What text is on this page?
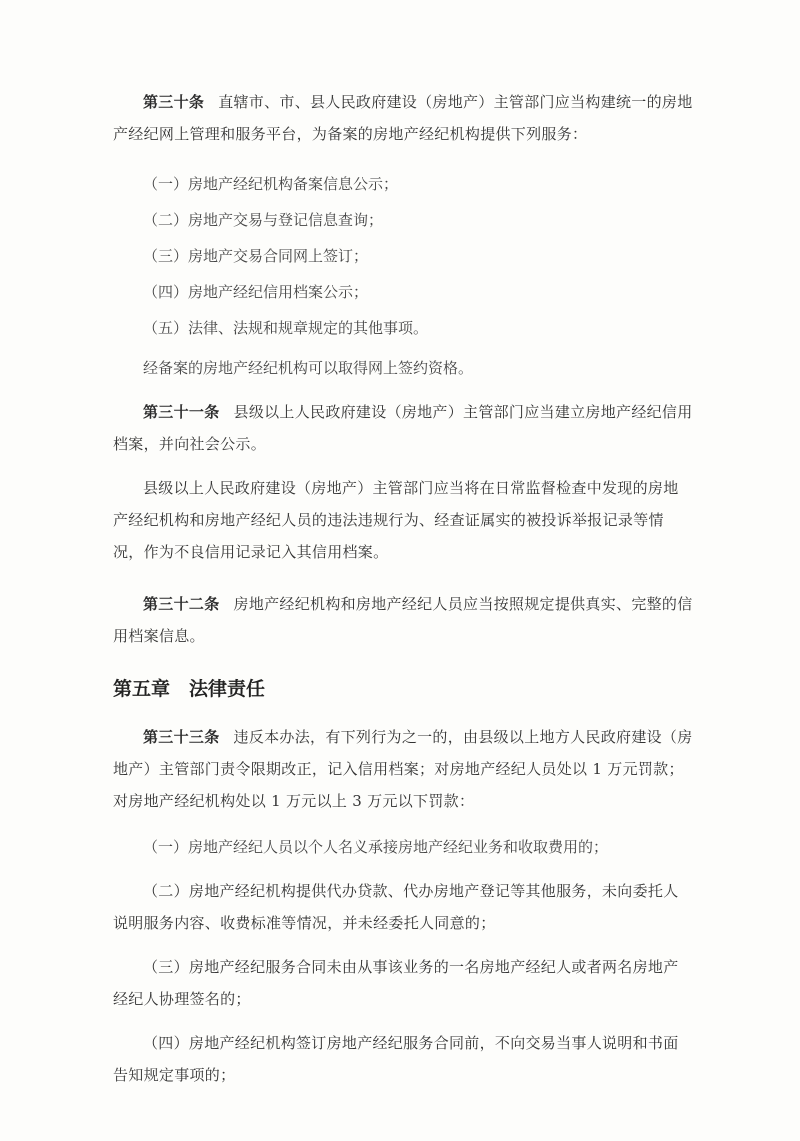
第三十条 直辖市、市、县人民政府建设（房地产）主管部门应当构建统一的房地产经纪网上管理和服务平台，为备案的房地产经纪机构提供下列服务：

（一）房地产经纪机构备案信息公示；

（二）房地产交易与登记信息查询；

（三）房地产交易合同网上签订；

（四）房地产经纪信用档案公示；

（五）法律、法规和规章规定的其他事项。

经备案的房地产经纪机构可以取得网上签约资格。

第三十一条 县级以上人民政府建设（房地产）主管部门应当建立房地产经纪信用档案，并向社会公示。

县级以上人民政府建设（房地产）主管部门应当将在日常监督检查中发现的房地产经纪机构和房地产经纪人员的违法违规行为、经查证属实的被投诉举报记录等情况，作为不良信用记录记入其信用档案。

第三十二条 房地产经纪机构和房地产经纪人员应当按照规定提供真实、完整的信用档案信息。

第五章　法律责任

第三十三条 违反本办法，有下列行为之一的，由县级以上地方人民政府建设（房地产）主管部门责令限期改正，记入信用档案；对房地产经纪人员处以 1 万元罚款；对房地产经纪机构处以 1 万元以上 3 万元以下罚款：

（一）房地产经纪人员以个人名义承接房地产经纪业务和收取费用的；

（二）房地产经纪机构提供代办贷款、代办房地产登记等其他服务，未向委托人说明服务内容、收费标准等情况，并未经委托人同意的；

（三）房地产经纪服务合同未由从事该业务的一名房地产经纪人或者两名房地产经纪人协理签名的；

（四）房地产经纪机构签订房地产经纪服务合同前，不向交易当事人说明和书面告知规定事项的；
